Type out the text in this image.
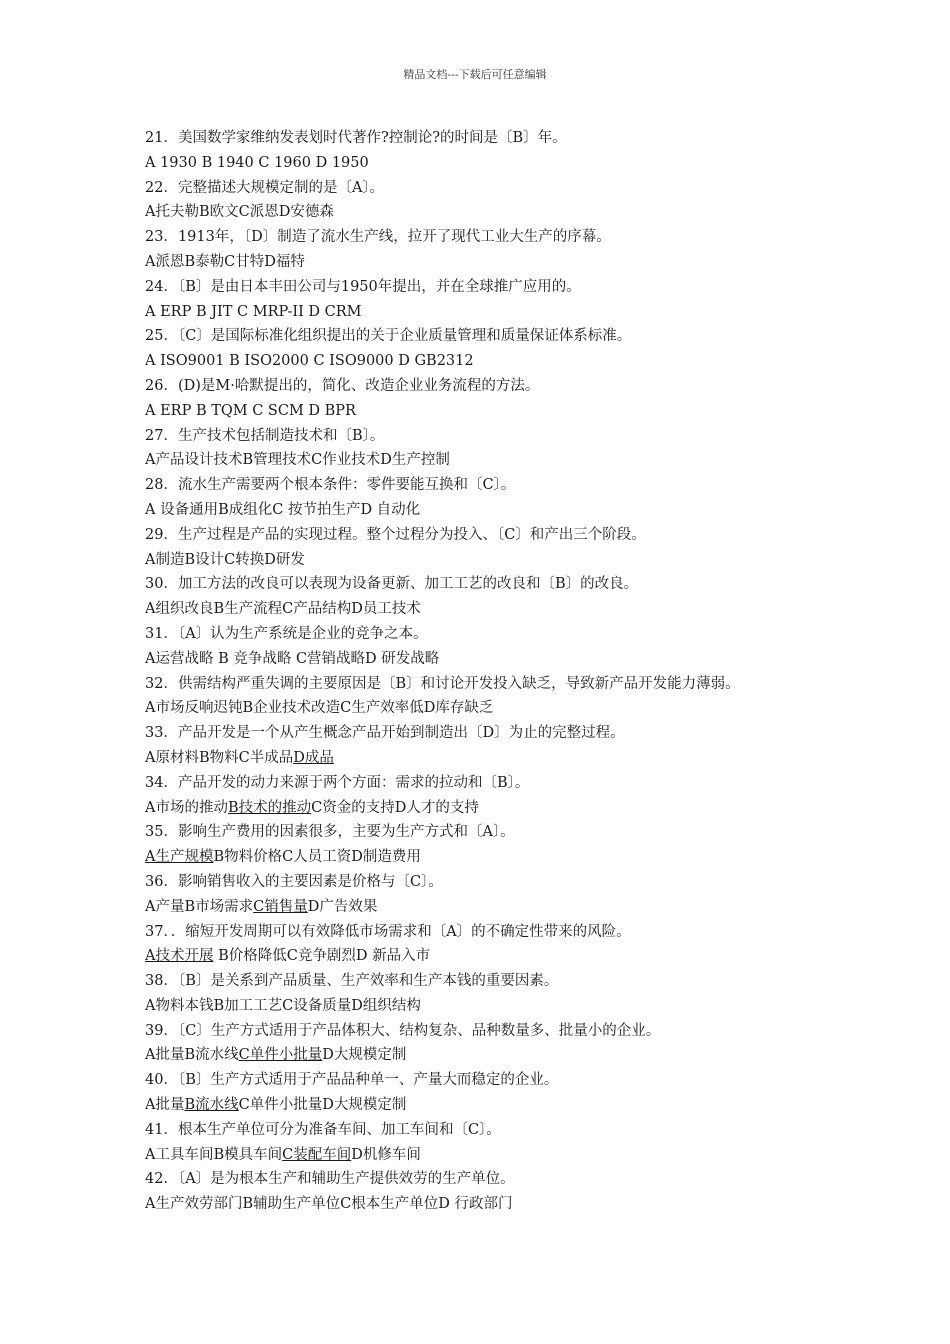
精品文档---下载后可任意编辑
21．美国数学家维纳发表划时代著作?控制论?的时间是〔B〕年。
A 1930 B 1940 C 1960 D 1950
22．完整描述大规模定制的是〔A〕。
A托夫勒B欧文C派恩D安德森
23．1913年，〔D〕制造了流水生产线，拉开了现代工业大生产的序幕。
A派恩B泰勒C甘特D福特
24．〔B〕是由日本丰田公司与1950年提出，并在全球推广应用的。
A ERP B JIT C MRP-II D CRM
25．〔C〕是国际标准化组织提出的关于企业质量管理和质量保证体系标准。
A ISO9001 B ISO2000 C ISO9000 D GB2312
26．(D)是M·哈默提出的，简化、改造企业业务流程的方法。
A ERP B TQM C SCM D BPR
27．生产技术包括制造技术和〔B〕。
A产品设计技术B管理技术C作业技术D生产控制
28．流水生产需要两个根本条件：零件要能互换和〔C〕。
A 设备通用B成组化C 按节拍生产D 自动化
29．生产过程是产品的实现过程。整个过程分为投入、〔C〕和产出三个阶段。
A制造B设计C转换D研发
30．加工方法的改良可以表现为设备更新、加工工艺的改良和〔B〕的改良。
A组织改良B生产流程C产品结构D员工技术
31．〔A〕认为生产系统是企业的竞争之本。
A运营战略 B 竞争战略 C营销战略D 研发战略
32．供需结构严重失调的主要原因是〔B〕和讨论开发投入缺乏，导致新产品开发能力薄弱。
A市场反响迟钝B企业技术改造C生产效率低D库存缺乏
33．产品开发是一个从产生概念产品开始到制造出〔D〕为止的完整过程。
A原材料B物料C半成品D成品
34．产品开发的动力来源于两个方面：需求的拉动和〔B〕。
A市场的推动B技术的推动C资金的支持D人才的支持
35．影响生产费用的因素很多，主要为生产方式和〔A〕。
A生产规模B物料价格C人员工资D制造费用
36．影响销售收入的主要因素是价格与〔C〕。
A产量B市场需求C销售量D广告效果
37．．缩短开发周期可以有效降低市场需求和〔A〕的不确定性带来的风险。
A技术开展 B价格降低C竞争剧烈D 新品入市
38．〔B〕是关系到产品质量、生产效率和生产本钱的重要因素。
A物料本钱B加工工艺C设备质量D组织结构
39．〔C〕生产方式适用于产品体积大、结构复杂、品种数量多、批量小的企业。
A批量B流水线C单件小批量D大规模定制
40．〔B〕生产方式适用于产品品种单一、产量大而稳定的企业。
A批量B流水线C单件小批量D大规模定制
41．根本生产单位可分为准备车间、加工车间和〔C〕。
A工具车间B模具车间C装配车间D机修车间
42．〔A〕是为根本生产和辅助生产提供效劳的生产单位。
A生产效劳部门B辅助生产单位C根本生产单位D 行政部门
